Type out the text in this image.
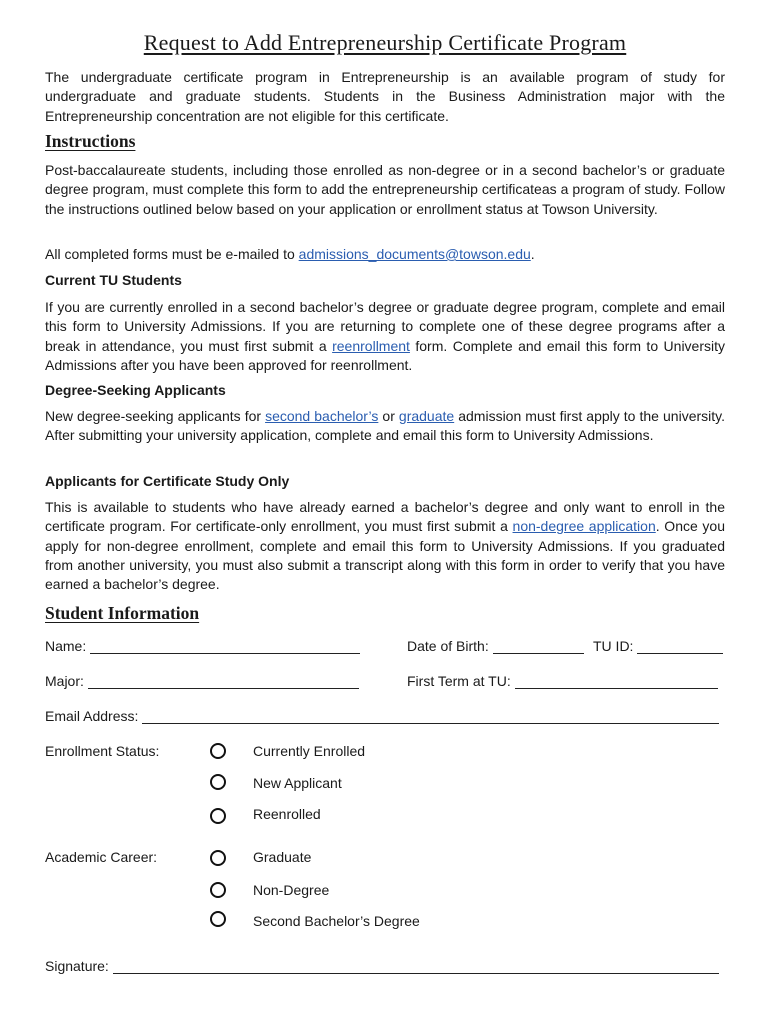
Request to Add Entrepreneurship Certificate Program

The undergraduate certificate program in Entrepreneurship is an available program of study for undergraduate and graduate students. Students in the Business Administration major with the Entrepreneurship concentration are not eligible for this certificate.

Instructions

Post-baccalaureate students, including those enrolled as non-degree or in a second bachelor’s or graduate degree program, must complete this form to add the entrepreneurship certificateas a program of study. Follow the instructions outlined below based on your application or enrollment status at Towson University.

All completed forms must be e-mailed to admissions_documents@towson.edu.

Current TU Students

If you are currently enrolled in a second bachelor’s degree or graduate degree program, complete and email this form to University Admissions. If you are returning to complete one of these degree programs after a break in attendance, you must first submit a reenrollment form. Complete and email this form to University Admissions after you have been approved for reenrollment.

Degree-Seeking Applicants

New degree-seeking applicants for second bachelor’s or graduate admission must first apply to the university. After submitting your university application, complete and email this form to University Admissions.

Applicants for Certificate Study Only

This is available to students who have already earned a bachelor’s degree and only want to enroll in the certificate program. For certificate-only enrollment, you must first submit a non-degree application. Once you apply for non-degree enrollment, complete and email this form to University Admissions. If you graduated from another university, you must also submit a transcript along with this form in order to verify that you have earned a bachelor’s degree.

Student Information
Name:	Date of Birth:	TU ID:
Major:	First Term at TU:
Email Address:
Enrollment Status:	Currently Enrolled
New Applicant
Reenrolled
Academic Career:	Graduate
Non-Degree
Second Bachelor’s Degree
Signature:
